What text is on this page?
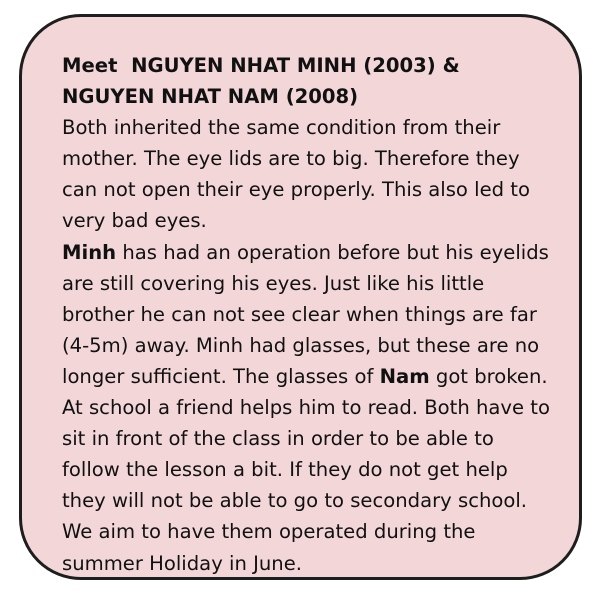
Meet  NGUYEN NHAT MINH (2003) &
NGUYEN NHAT NAM (2008)

Both inherited the same condition from their mother. The eye lids are to big. Therefore they can not open their eye properly. This also led to very bad eyes.

Minh has had an operation before but his eyelids are still covering his eyes. Just like his little brother he can not see clear when things are far (4-5m) away. Minh had glasses, but these are no longer sufficient. The glasses of Nam got broken. At school a friend helps him to read. Both have to sit in front of the class in order to be able to follow the lesson a bit. If they do not get help they will not be able to go to secondary school. We aim to have them operated during the summer Holiday in June.
